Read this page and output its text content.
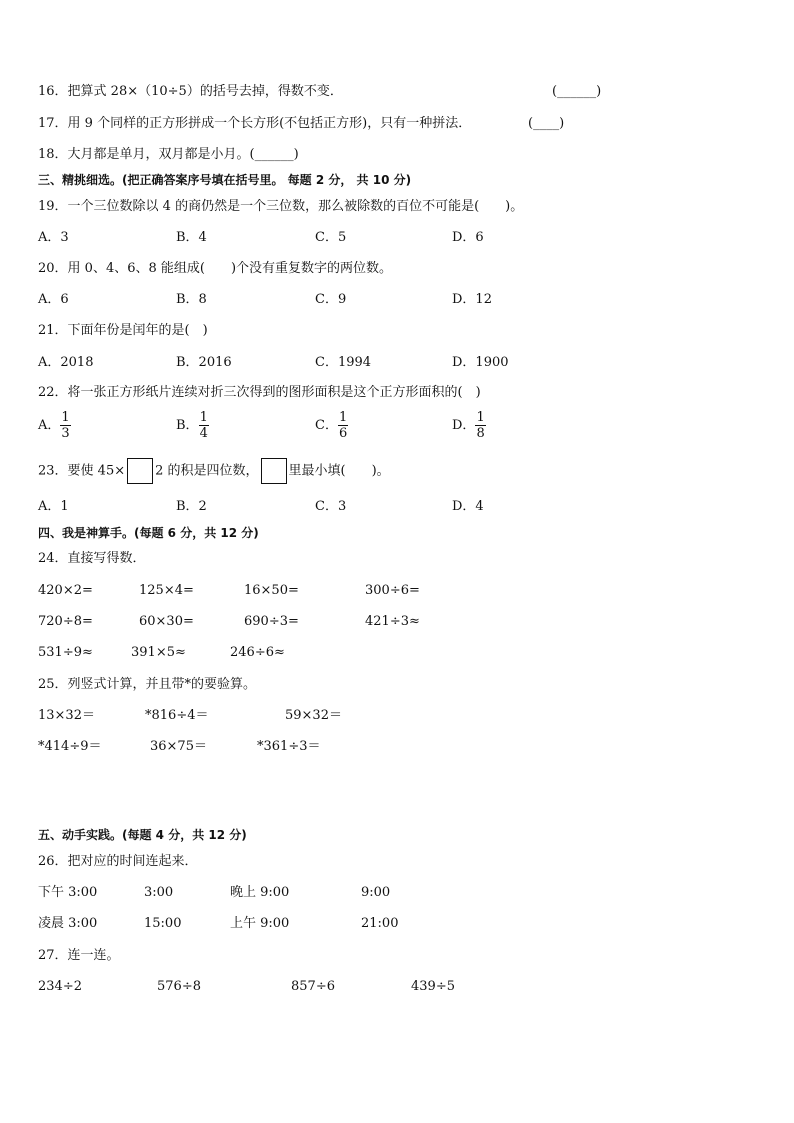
16．把算式 28×（10÷5）的括号去掉，得数不变．	(______)
17．用 9 个同样的正方形拼成一个长方形(不包括正方形)，只有一种拼法．	(____)
18．大月都是单月，双月都是小月。(______)
三、精挑细选。(把正确答案序号填在括号里。 每题 2 分， 共 10 分)
19．一个三位数除以 4 的商仍然是一个三位数，那么被除数的百位不可能是(　　)。
A．3	B．4	C．5	D．6
20．用 0、4、6、8 能组成(　　)个没有重复数字的两位数。
A．6	B．8	C．9	D．12
21．下面年份是闰年的是(　)
A．2018	B．2016	C．1994	D．1900
22．将一张正方形纸片连续对折三次得到的图形面积是这个正方形面积的(　)
A． $\frac{1}{3}$	B． $\frac{1}{4}$	C． $\frac{1}{6}$	D． $\frac{1}{8}$
23．要使 45× 2 的积是四位数， 里最小填(　　)。
A．1	B．2	C．3	D．4
四、我是神算手。(每题 6 分，共 12 分)
24．直接写得数．
420×2=	125×4=	16×50=	300÷6=
720÷8=	60×30=	690÷3=	421÷3≈
531÷9≈	391×5≈	246÷6≈
25．列竖式计算，并且带*的要验算。
13×32＝	*816÷4＝	59×32＝
*414÷9＝	36×75＝	*361÷3＝
五、动手实践。(每题 4 分，共 12 分)
26．把对应的时间连起来．
下午 3:00	3:00	晚上 9:00	9:00
凌晨 3:00	15:00	上午 9:00	21:00
27．连一连。
234÷2	576÷8	857÷6	439÷5
